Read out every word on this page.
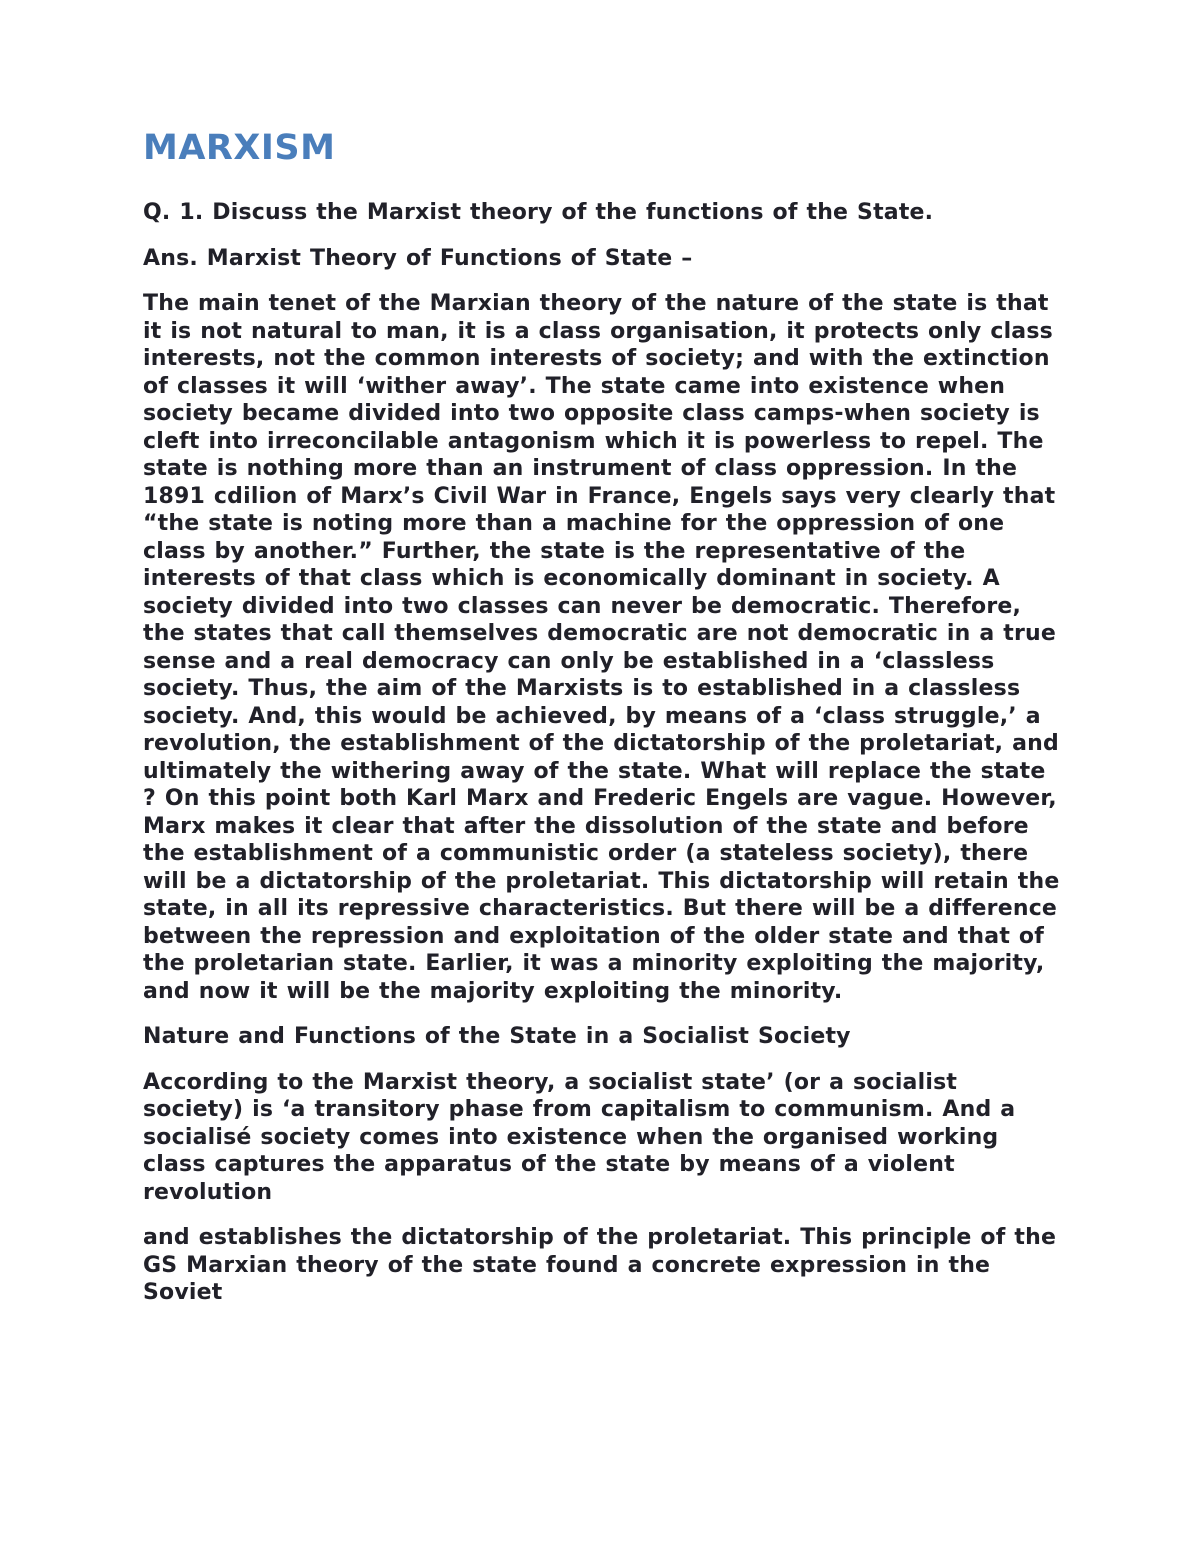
MARXISM

Q. 1. Discuss the Marxist theory of the functions of the State.

Ans. Marxist Theory of Functions of State –

The main tenet of the Marxian theory of the nature of the state is that it is not natural to man, it is a class organisation, it protects only class interests, not the common interests of society; and with the extinction of classes it will ‘wither away’. The state came into existence when society became divided into two opposite class camps-when society is cleft into irreconcilable antagonism which it is powerless to repel. The state is nothing more than an instrument of class oppression. In the 1891 cdilion of Marx’s Civil War in France, Engels says very clearly that “the state is noting more than a machine for the oppression of one class by another.” Further, the state is the representative of the interests of that class which is economically dominant in society. A society divided into two classes can never be democratic. Therefore, the states that call themselves democratic are not democratic in a true sense and a real democracy can only be established in a ‘classless society. Thus, the aim of the Marxists is to established in a classless society. And, this would be achieved, by means of a ‘class struggle,’ a revolution, the establishment of the dictatorship of the proletariat, and ultimately the withering away of the state. What will replace the state ? On this point both Karl Marx and Frederic Engels are vague. However, Marx makes it clear that after the dissolution of the state and before the establishment of a communistic order (a stateless society), there will be a dictatorship of the proletariat. This dictatorship will retain the state, in all its repressive characteristics. But there will be a difference between the repression and exploitation of the older state and that of the proletarian state. Earlier, it was a minority exploiting the majority, and now it will be the majority exploiting the minority.

Nature and Functions of the State in a Socialist Society

According to the Marxist theory, a socialist state’ (or a socialist society) is ‘a transitory phase from capitalism to communism. And a socialisé society comes into existence when the organised working class captures the apparatus of the state by means of a violent revolution

and establishes the dictatorship of the proletariat. This principle of the GS Marxian theory of the state found a concrete expression in the Soviet
